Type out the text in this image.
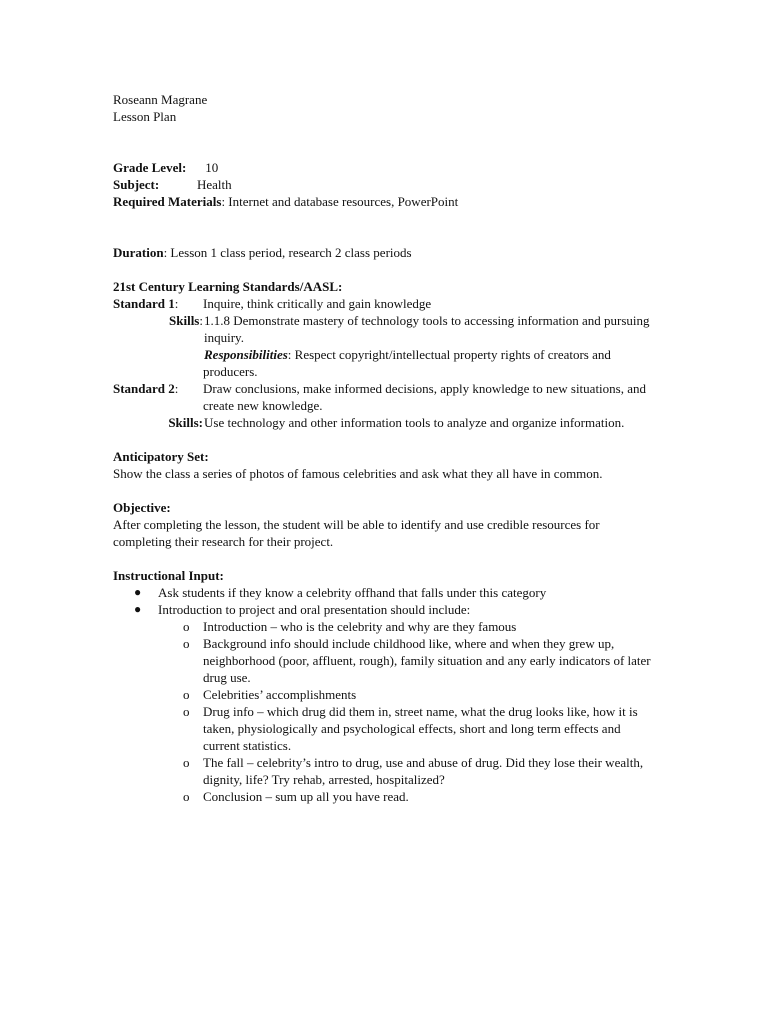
Roseann Magrane
Lesson Plan
Grade Level: 10
Subject:	Health
Required Materials: Internet and database resources, PowerPoint
Duration: Lesson 1 class period, research 2 class periods
21st Century Learning Standards/AASL:
Standard 1:	Inquire, think critically and gain knowledge
Skills: 1.1.8 Demonstrate mastery of technology tools to accessing information and pursuing inquiry.
Responsibilities: Respect copyright/intellectual property rights of creators and producers.
Standard 2:	Draw conclusions, make informed decisions, apply knowledge to new situations, and create new knowledge.
Skills: Use technology and other information tools to analyze and organize information.
Anticipatory Set:

Show the class a series of photos of famous celebrities and ask what they all have in common.

Objective:

After completing the lesson, the student will be able to identify and use credible resources for completing their research for their project.

Instructional Input:
● Ask students if they know a celebrity offhand that falls under this category
● Introduction to project and oral presentation should include:
o Introduction – who is the celebrity and why are they famous
o Background info should include childhood like, where and when they grew up, neighborhood (poor, affluent, rough), family situation and any early indicators of later drug use.
o Celebrities’ accomplishments
o Drug info – which drug did them in, street name, what the drug looks like, how it is taken, physiologically and psychological effects, short and long term effects and current statistics.
o The fall – celebrity’s intro to drug, use and abuse of drug. Did they lose their wealth, dignity, life? Try rehab, arrested, hospitalized?
o Conclusion – sum up all you have read.
